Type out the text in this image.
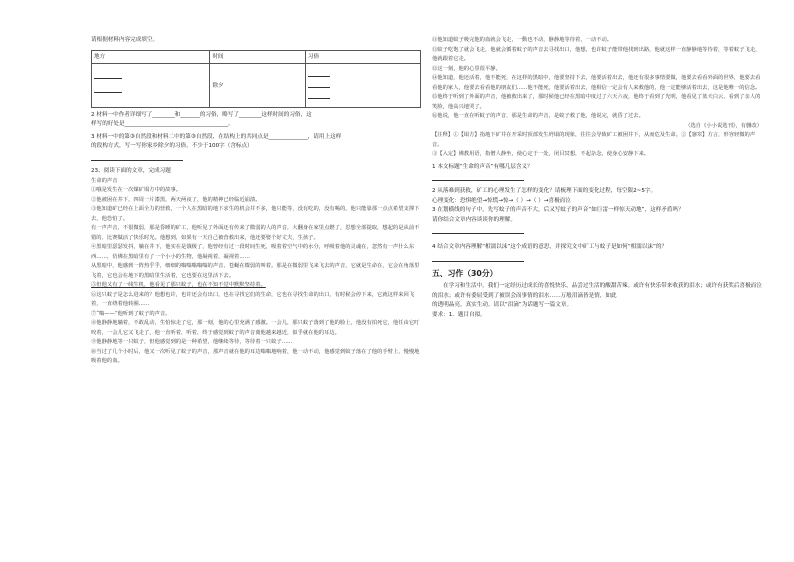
请根据材料内容完成填空。

地方	时间	习俗

	除夕	

2 材料一中作者详细写了________和_______的习俗，略写了________这样时间的习俗，这

样写的好处是_____________________________________。

3 材料一中的第③自然段和材料二中的第③自然段，在结构上的共同点是______________，请用上这样

的段构方式，写一写你家乡除夕的习俗，不少于100字（含标点）

23、阅读下面的文章，完成习题

生命的声音

①哦是发生在一次煤矿塌方中的故事。

②他被困在井下，四周一片漆黑，两天两夜了，他的精神已经临近崩溃。

③他知道矿已经在上面全力的营救，一个人在黑暗的地下求生的机会并不多，他只能等，没有吃的，没有喝的，他只能靠那一点点希望支撑下去，他恐怕了。

有一声声音，不很微弱，那是昏睡的矿工，他听见了外面还有传来了微弱的人的声音，大翻身在家里点燃了，思想全部提取，想起的是从前不错的、比赛做活了快乐时光。他想到，如果有一天自己被营救出来，他还要娶个好丈夫，生孩子。

④黑暗里瑟瑟发抖，躺在井下，他实在是饿极了，他曾经有过一段时间生死，吸着着空气中的水分，呼吸着他的灵魂在，忽然有一声什么东西……，仿佛在黑暗里有了一个小小的生物，他凝视着，凝视着……

从黑暗中，他感到一阵热乎乎，细细的嗡嗡嗡嗡嗡的声音，苍蝇在微弱的叫着。那是在微弱里飞来飞去的声音，它就是生命在，它会在角落里飞着，它也会在地下的黑暗里生活着，它也要在这里活下去。

⑤但他又有了一线生机，他看见了那只蚊子，也在不知不觉中默默坚持着。

⑥这只蚊子是怎么进来的？他想也许，也许还会有出口，也在寻找它们的生命，它也在寻找生命的出口，有时候会停下来，它就这样来回飞着，一直绕着他转圈……

⑦“嗡——”他听到了蚊子的声音。

⑧他静静地躺着，不敢乱动，生怕惊走了它，那一刻，他的心里充满了感激。一会儿，那只蚊子落到了他的脸上，他没有拍死它，他任由它叮咬着，一会儿它又飞走了，他一直听着，听着，终于感觉到蚊子的声音离他越来越近，似乎就在他的耳边。

⑨他静静地等一只蚊子，但他感觉到的是一种希望，他继续等待，等待着一只蚊子……

⑩当过了几个小时后，他又一次听见了蚊子的声音，那声音就在他的耳边嗡嗡地响着，他一动不动，他感觉到蚊子落在了他的手臂上，慢慢地吸着他的血。

⑪他知道蚊子吸完他的血就会飞走，一動也不动，静静地等待着，一动不动。

⑫蚊子吃饱了就会飞走，他就会循着蚊子的声音去寻找出口，他想，也许蚊子能带他找到出路，他就这样一直静静地等待着，等着蚊子飞走，他就跟着它走。

⑬这一刻，他的心里很平静。

⑭他知道，他还活着，他不能死，在这样的黑暗中，他要坚持下去，他要活着出去，他还有很多事情要做，他要去看看外面的世界，他要去看看他的家人，他要去看看他的朋友们……他不能死，他要活着出去，他相信一定会有人来救他的，他一定能够活着出去，这是他唯一的信念。

⑮他终于听到了外面的声音，他被救出来了，那时候他已经在黑暗中度过了六天六夜，他终于看到了光明，他看见了蓝天白云，看到了亲人的笑脸，他高兴地哭了。

⑯他说，他一直在听蚊子的声音，那是生命的声音，是蚊子救了他，他说完，就昏了过去。

（选自《小小说选刊》，有删改）

【注释】①【塌方】指地下矿井在开采时顶部发生坍塌的现象，往往会导致矿工被困井下，从而危及生命。②【窸窣】方言，形容轻微的声音。

③【入定】佛教用语，指僧人静坐，使心定于一处，闭目冥想，不起杂念，使身心安静下来。

1 本文标题“生命的声音”有哪几层含义？

2 从落难到获救，矿工的心理发生了怎样的变化？请梳理下面的变化过程，每空限2~5字。

心理变化：恐惧绝望→惊慌→惊→（ ）→（ ）→喜极而泣

3 在划横线的句子中，先写蚊子的声音不大，后又写蚊子的声音“如巨雷一样惊天动地”，这样矛盾吗？

请你结合文章内容谈谈你的理解。

4 结合文章内容理解“相濡以沫”这个成语的意思，并探究文中矿工与蚊子是如何“相濡以沫”的？

五、习作（30分）

在学习和生活中，我们一定经历过成长的喜悦快乐，品尝过生活的酸甜苦辣。或许有快乐带来收获的泪水；或许有获奖后喜极而泣的泪水；或许有委屈受到了被误会而事情的泪水……万般泪滴皆是情，如此

的透明晶亮，真实生动。请以“泪滴”为话题写一篇文章。

要求：1．题目自拟。
